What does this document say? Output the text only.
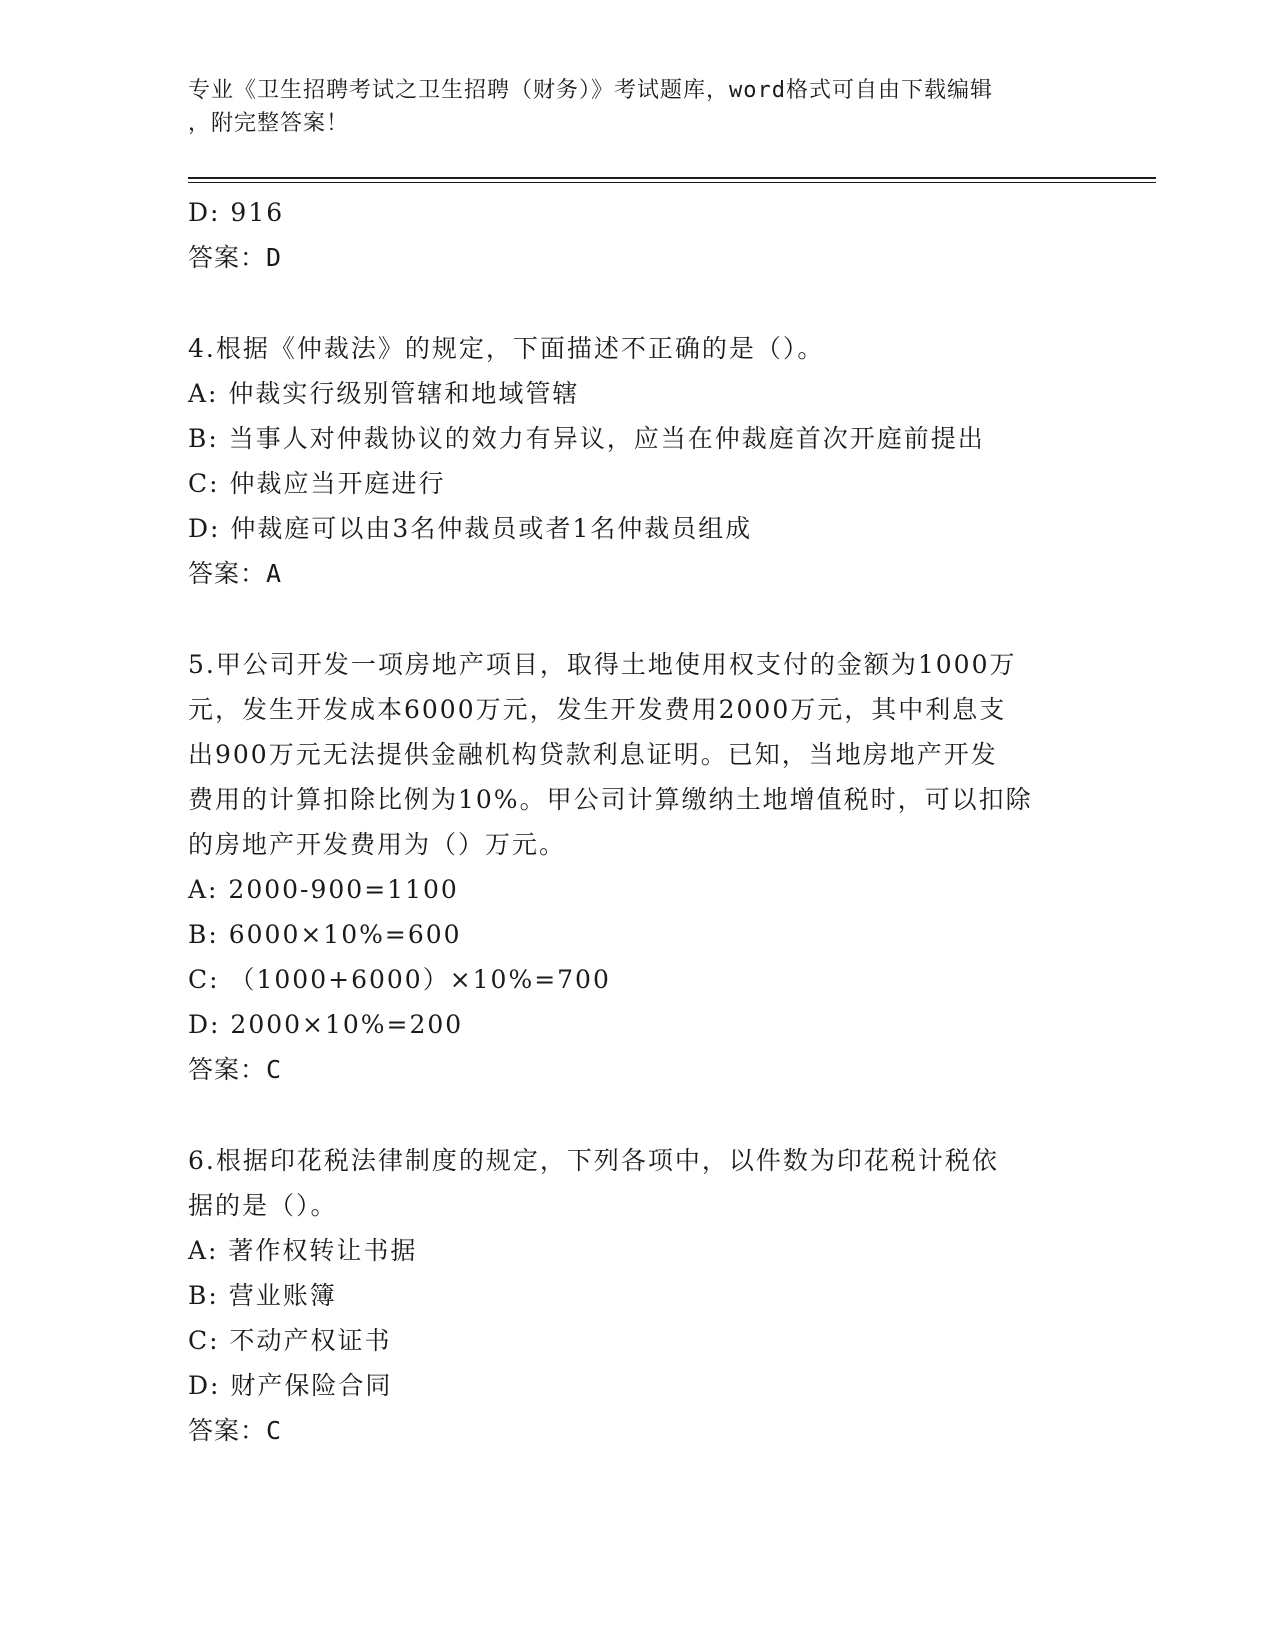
专业《卫生招聘考试之卫生招聘（财务）》考试题库，word格式可自由下载编辑
，附完整答案！
D: 916
答案：D
4.根据《仲裁法》的规定，下面描述不正确的是（）。
A: 仲裁实行级别管辖和地域管辖
B: 当事人对仲裁协议的效力有异议，应当在仲裁庭首次开庭前提出
C: 仲裁应当开庭进行
D: 仲裁庭可以由3名仲裁员或者1名仲裁员组成
答案：A
5.甲公司开发一项房地产项目，取得土地使用权支付的金额为1000万
元，发生开发成本6000万元，发生开发费用2000万元，其中利息支
出900万元无法提供金融机构贷款利息证明。已知，当地房地产开发
费用的计算扣除比例为10%。甲公司计算缴纳土地增值税时，可以扣除
的房地产开发费用为（）万元。
A: 2000-900=1100
B: 6000×10%=600
C: （1000+6000）×10%=700
D: 2000×10%=200
答案：C
6.根据印花税法律制度的规定，下列各项中，以件数为印花税计税依
据的是（）。
A: 著作权转让书据
B: 营业账簿
C: 不动产权证书
D: 财产保险合同
答案：C
